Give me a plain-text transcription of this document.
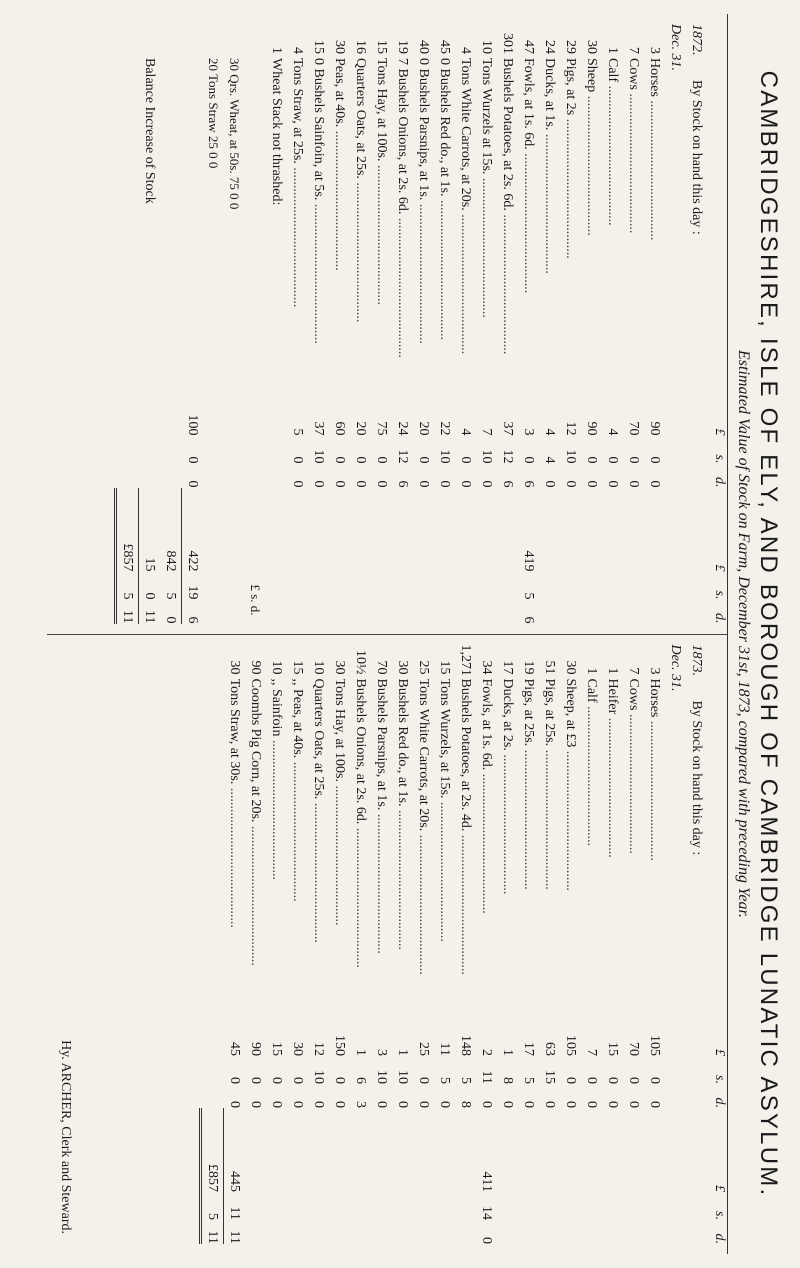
CAMBRIDGESHIRE, ISLE OF ELY, AND BOROUGH OF CAMBRIDGE LUNATIC ASYLUM.
Estimated Value of Stock on Farm, December 31st, 1873, compared with preceding Year.
£
s.
d.
£
s.
d.
1872.
By Stock on hand this day :
Dec. 31.
3
Horses ........................................
90
0
0
7
Cows ........................................
70
0
0
1
Calf ........................................
4
0
0
30
Sheep ........................................
90
0
0
29
Pigs, at 2s ........................................
12
10
0
24
Ducks, at 1s. ........................................
4
4
0
47
Fowls, at 1s. 6d. ........................................
3
0
6
419
5
6
301
Bushels Potatoes, at 2s. 6d. ........................................
37
12
6
10
Tons Wurzels at 15s. ........................................
7
10
0
4
Tons White Carrots, at 20s. ........................................
4
0
0
45
0 Bushels Red do., at 1s. ........................................
22
10
0
40
0 Bushels Parsnips, at 1s. ........................................
20
0
0
19
7 Bushels Onions, at 2s. 6d. ........................................
24
12
6
15
Tons Hay, at 100s. ........................................
75
0
0
16
Quarters Oats, at 25s. ........................................
20
0
0
30
Peas, at 40s. ........................................
60
0
0
15
0 Bushels Sainfoin, at 5s. ........................................
37
10
0
4
Tons Straw, at 25s. ........................................
5
0
0
1
Wheat Stack not thrashed:
£ s. d.
30 Qrs. Wheat, at 50s. 75 0 0
20 Tons Straw 25 0 0
100
0
0
422
19
6
842
5
0
Balance Increase of Stock
15
0
11
£857
5
11
£
s.
d.
£
s.
d.
1873.
By Stock on hand this day :
Dec. 31.
3
Horses ........................................
105
0
0
7
Cows ........................................
70
0
0
1
Heifer ........................................
15
0
0
1
Calf ........................................
7
0
0
30
Sheep, at £3 ........................................
105
0
0
51
Pigs, at 25s. ........................................
63
15
0
19
Pigs, at 25s. ........................................
17
5
0
17
Ducks, at 2s. ........................................
1
8
0
34
Fowls, at 1s. 6d. ........................................
2
11
0
411
14
0
1,271
Bushels Potatoes, at 2s. 4d. ........................................
148
5
8
15
Tons Wurzels, at 15s. ........................................
11
5
0
25
Tons White Carrots, at 20s. ........................................
25
0
0
30
Bushels Red do., at 1s. ........................................
1
10
0
70
Bushels Parsnips, at 1s. ........................................
3
10
0
10½
Bushels Onions, at 2s. 6d. ........................................
1
6
3
30
Tons Hay, at 100s. ........................................
150
0
0
10
Quarters Oats, at 25s. ........................................
12
10
0
15
,, Peas, at 40s. ........................................
30
0
0
10
,, Sainfoin ........................................
15
0
0
90
Coombs Pig Corn, at 20s. ........................................
90
0
0
30
Tons Straw, at 30s. ........................................
45
0
0
445
11
11
£857
5
11
Hy. ARCHER, Clerk and Steward.
